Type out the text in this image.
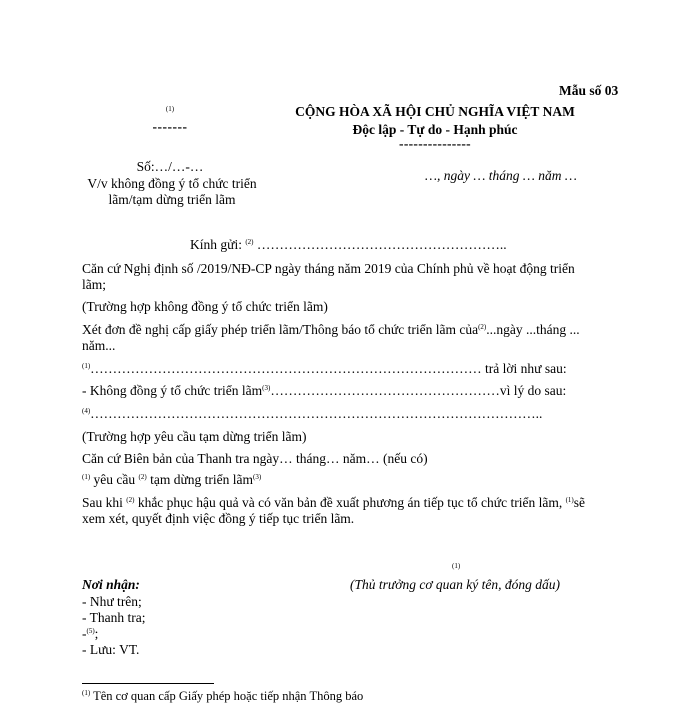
Mẫu số 03
$^{(1)}$
-------
CỘNG HÒA XÃ HỘI CHỦ NGHĨA VIỆT NAM
Độc lập - Tự do - Hạnh phúc
---------------
Số:…/…-…
V/v không đồng ý tổ chức triển
lãm/tạm dừng triển lãm
…, ngày … tháng … năm …
Kính gửi: $^{(2)}$ ………………………………………………..
Căn cứ Nghị định số /2019/NĐ-CP ngày tháng năm 2019 của Chính phủ về hoạt động triển
lãm;
(Trường hợp không đồng ý tổ chức triển lãm)
Xét đơn đề nghị cấp giấy phép triển lãm/Thông báo tổ chức triển lãm của$^{(2)}$...ngày ...tháng ...
năm...
$^{(1)}$…………………………………………………………………………… trả lời như sau:
- Không đồng ý tổ chức triển lãm$^{(3)}$……………………………………………vì lý do sau:
$^{(4)}$………………………………………………………………………………………..
(Trường hợp yêu cầu tạm dừng triển lãm)
Căn cứ Biên bản của Thanh tra ngày… tháng… năm… (nếu có)
$^{(1)}$ yêu cầu $^{(2)}$ tạm dừng triển lãm$^{(3)}$
Sau khi $^{(2)}$ khắc phục hậu quả và có văn bản đề xuất phương án tiếp tục tổ chức triển lãm, $^{(1)}$sẽ
xem xét, quyết định việc đồng ý tiếp tục triển lãm.
$^{(1)}$
(Thủ trưởng cơ quan ký tên, đóng dấu)
Nơi nhận:
- Như trên;
- Thanh tra;
-$^{(5)}$;
- Lưu: VT.
$^{(1)}$ Tên cơ quan cấp Giấy phép hoặc tiếp nhận Thông báo
